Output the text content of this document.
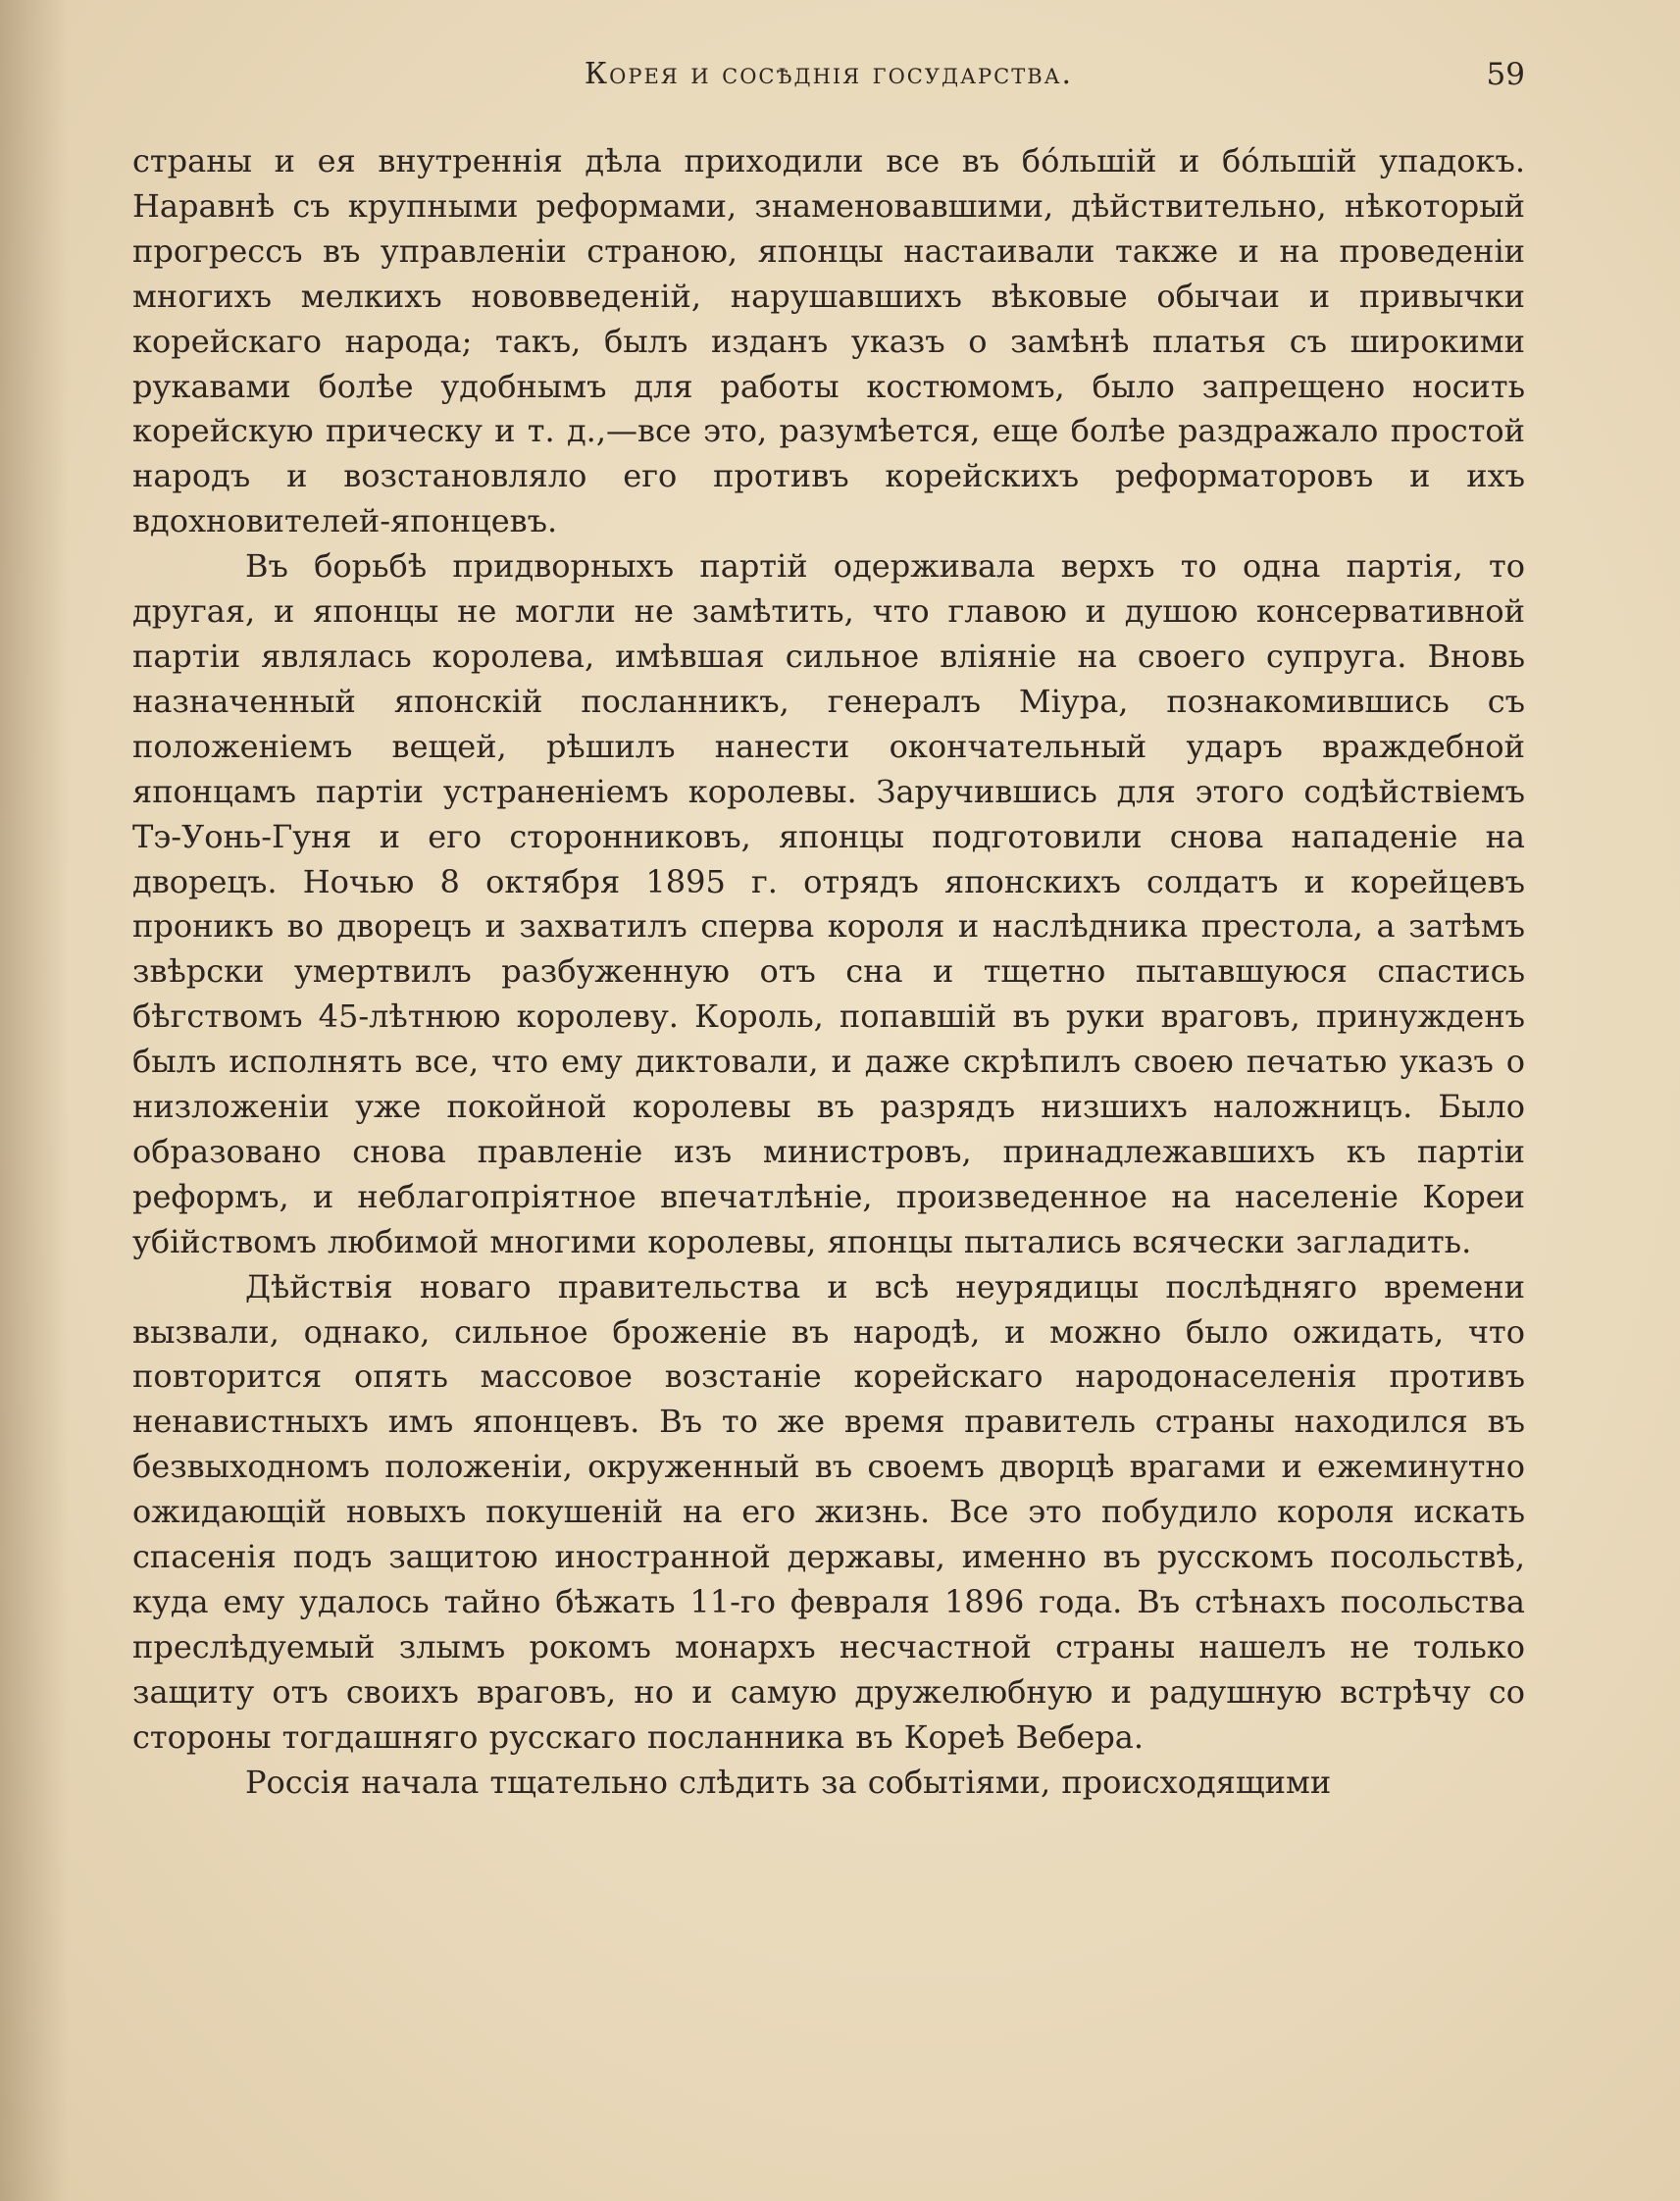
Корея и сосѣднія государства.	59

страны и ея внутреннія дѣла приходили все въ бо́льшій и бо́льшій упадокъ. Наравнѣ съ крупными реформами, знаменовавшими, дѣйствительно, нѣкоторый прогрессъ въ управленіи страною, японцы настаивали также и на проведеніи многихъ мелкихъ нововведеній, нарушавшихъ вѣковые обычаи и привычки корейскаго народа; такъ, былъ изданъ указъ о замѣнѣ платья съ широкими рукавами болѣе удобнымъ для работы костюмомъ, было запрещено носить корейскую прическу и т. д.,—все это, разумѣется, еще болѣе раздражало простой народъ и возстановляло его противъ корейскихъ реформаторовъ и ихъ вдохновителей-японцевъ.

Въ борьбѣ придворныхъ партій одерживала верхъ то одна партія, то другая, и японцы не могли не замѣтить, что главою и душою консервативной партіи являлась королева, имѣвшая сильное вліяніе на своего супруга. Вновь назначенный японскій посланникъ, генералъ Міура, познакомившись съ положеніемъ вещей, рѣшилъ нанести окончательный ударъ враждебной японцамъ партіи устраненіемъ королевы. Заручившись для этого содѣйствіемъ Тэ-Уонь-Гуня и его сторонниковъ, японцы подготовили снова нападеніе на дворецъ. Ночью 8 октября 1895 г. отрядъ японскихъ солдатъ и корейцевъ проникъ во дворецъ и захватилъ сперва короля и наслѣдника престола, а затѣмъ звѣрски умертвилъ разбуженную отъ сна и тщетно пытавшуюся спастись бѣгствомъ 45-лѣтнюю королеву. Король, попавшій въ руки враговъ, принужденъ былъ исполнять все, что ему диктовали, и даже скрѣпилъ своею печатью указъ о низложеніи уже покойной королевы въ разрядъ низшихъ наложницъ. Было образовано снова правленіе изъ министровъ, принадлежавшихъ къ партіи реформъ, и неблагопріятное впечатлѣніе, произведенное на населеніе Кореи убійствомъ любимой многими королевы, японцы пытались всячески загладить.

Дѣйствія новаго правительства и всѣ неурядицы послѣдняго времени вызвали, однако, сильное броженіе въ народѣ, и можно было ожидать, что повторится опять массовое возстаніе корейскаго народонаселенія противъ ненавистныхъ имъ японцевъ. Въ то же время правитель страны находился въ безвыходномъ положеніи, окруженный въ своемъ дворцѣ врагами и ежеминутно ожидающій новыхъ покушеній на его жизнь. Все это побудило короля искать спасенія подъ защитою иностранной державы, именно въ русскомъ посольствѣ, куда ему удалось тайно бѣжать 11-го февраля 1896 года. Въ стѣнахъ посольства преслѣдуемый злымъ рокомъ монархъ несчастной страны нашелъ не только защиту отъ своихъ враговъ, но и самую дружелюбную и радушную встрѣчу со стороны тогдашняго русскаго посланника въ Кореѣ Вебера.

Россія начала тщательно слѣдить за событіями, происходящими
